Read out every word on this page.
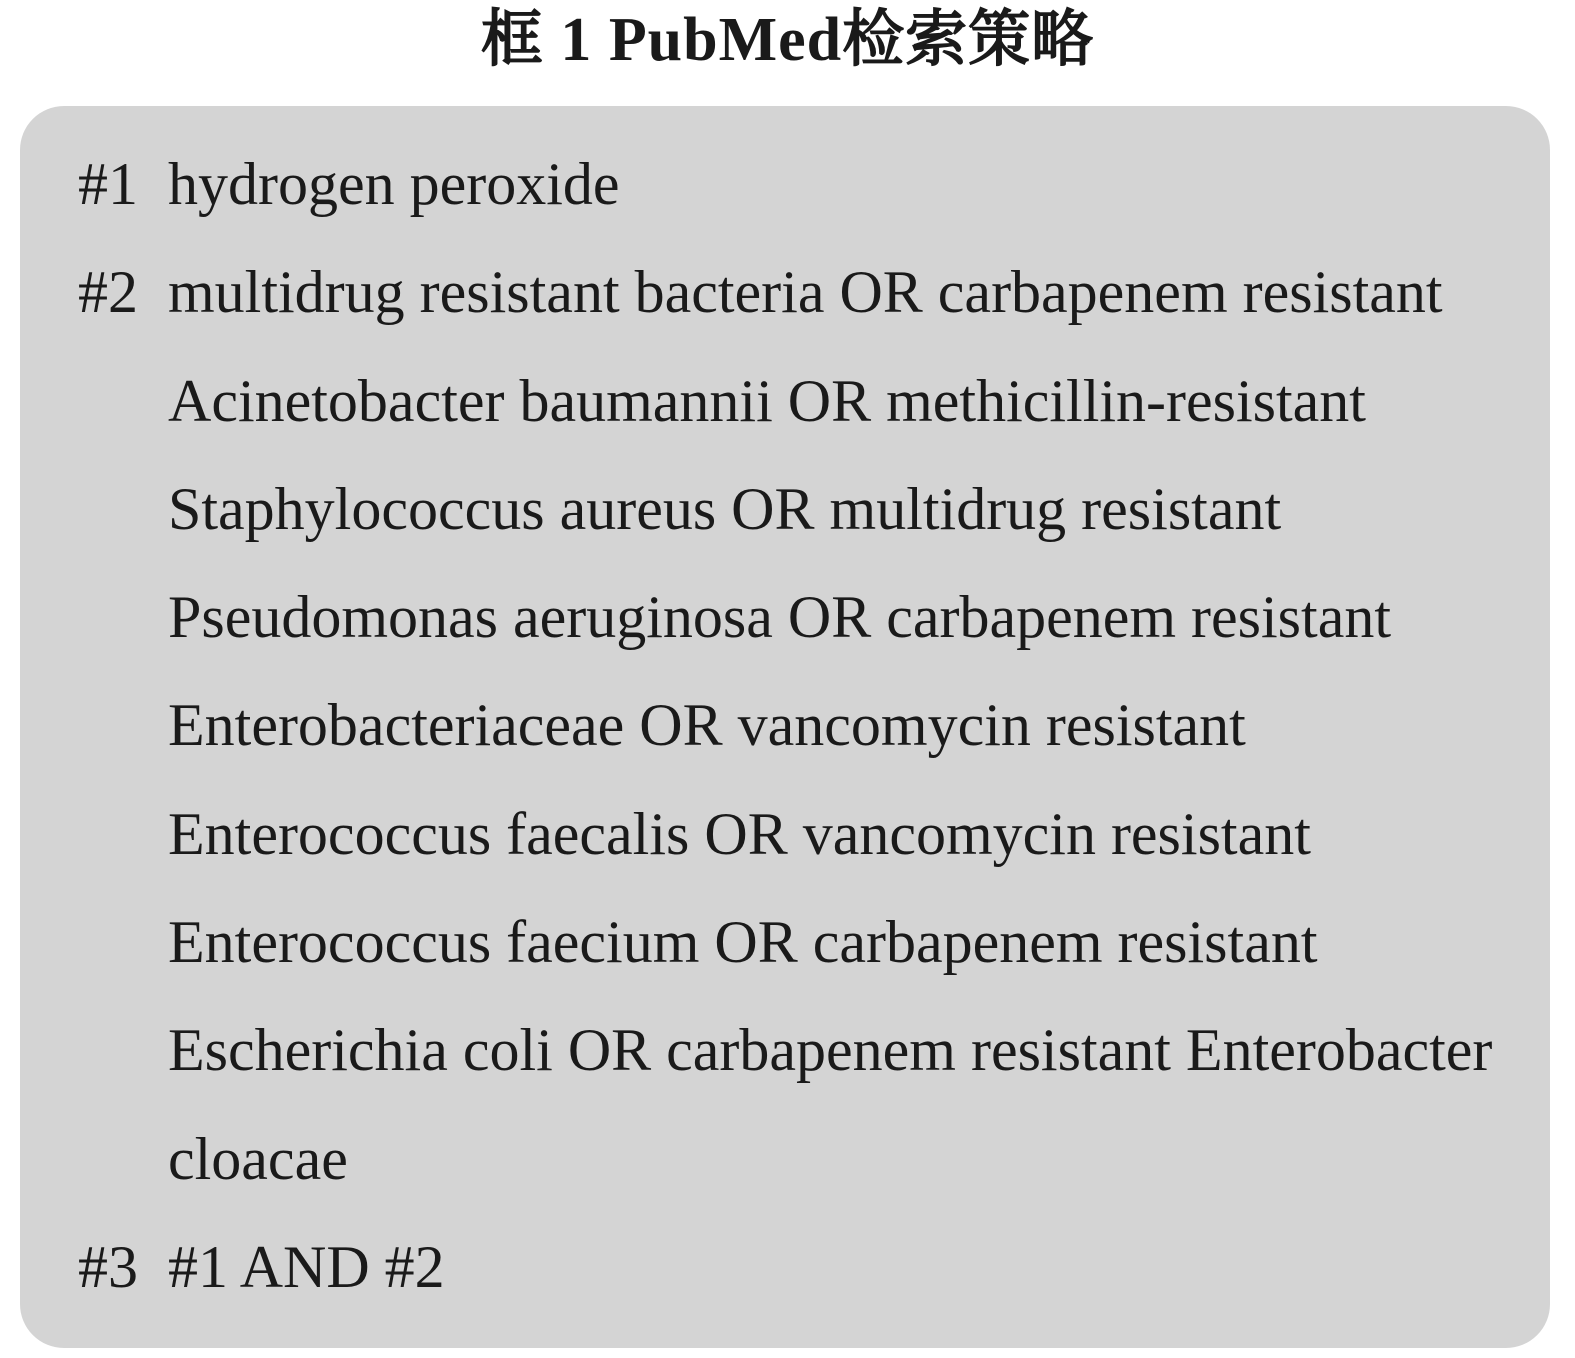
框 1 PubMed检索策略
#1 hydrogen peroxide
#2 multidrug resistant bacteria OR carbapenem resistant
Acinetobacter baumannii OR methicillin-resistant
Staphylococcus aureus OR multidrug resistant
Pseudomonas aeruginosa OR carbapenem resistant
Enterobacteriaceae OR vancomycin resistant
Enterococcus faecalis OR vancomycin resistant
Enterococcus faecium OR carbapenem resistant
Escherichia coli OR carbapenem resistant Enterobacter
cloacae
#3 #1 AND #2
